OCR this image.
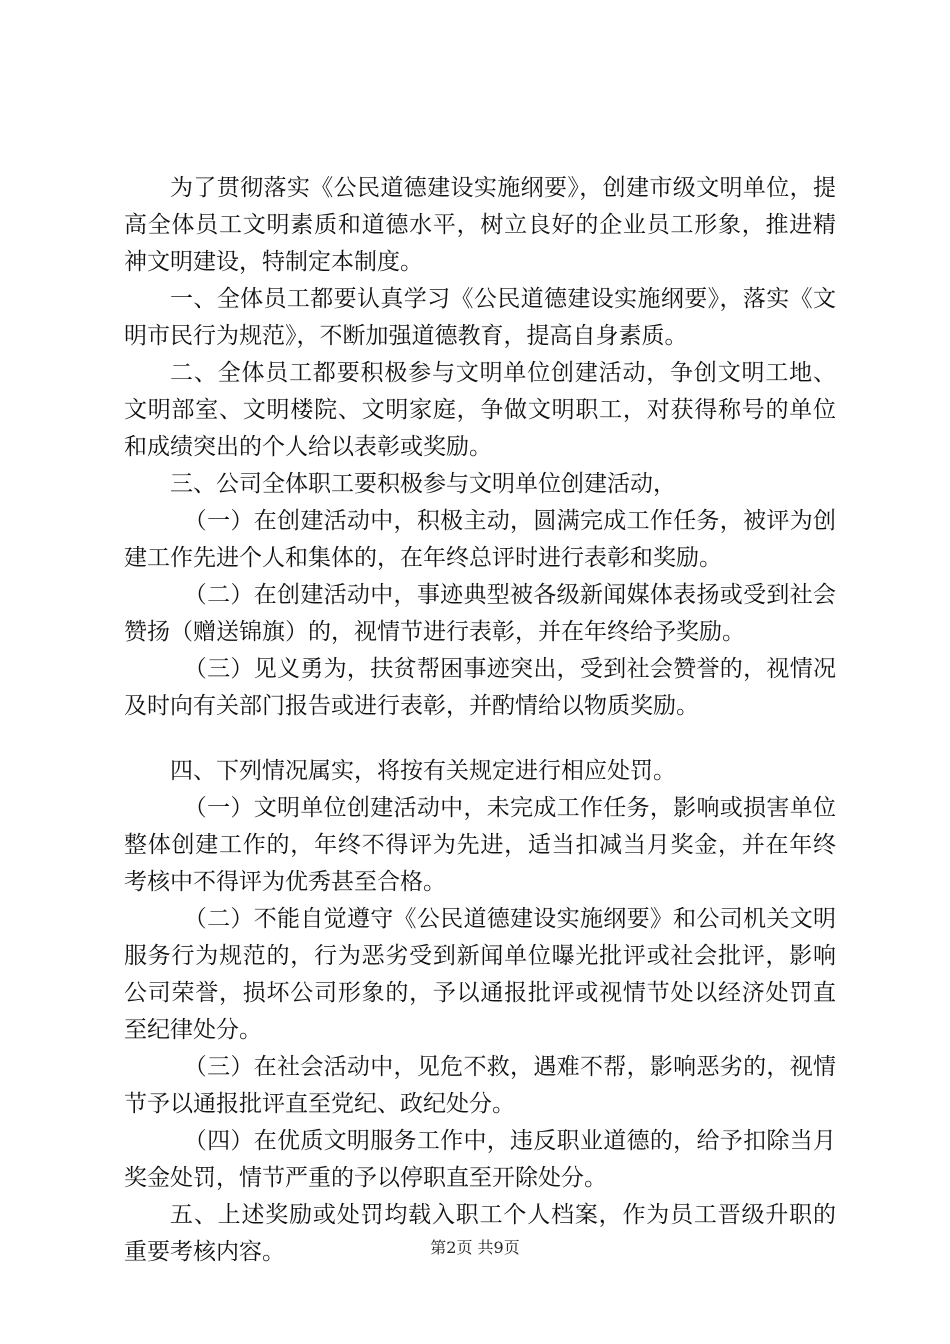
为了贯彻落实《公民道德建设实施纲要》，创建市级文明单位，提高全体员工文明素质和道德水平，树立良好的企业员工形象，推进精神文明建设，特制定本制度。

一、全体员工都要认真学习《公民道德建设实施纲要》，落实《文明市民行为规范》，不断加强道德教育，提高自身素质。

二、全体员工都要积极参与文明单位创建活动，争创文明工地、文明部室、文明楼院、文明家庭，争做文明职工，对获得称号的单位和成绩突出的个人给以表彰或奖励。

三、公司全体职工要积极参与文明单位创建活动，

（一）在创建活动中，积极主动，圆满完成工作任务，被评为创建工作先进个人和集体的，在年终总评时进行表彰和奖励。

（二）在创建活动中，事迹典型被各级新闻媒体表扬或受到社会赞扬（赠送锦旗）的，视情节进行表彰，并在年终给予奖励。

（三）见义勇为，扶贫帮困事迹突出，受到社会赞誉的，视情况及时向有关部门报告或进行表彰，并酌情给以物质奖励。

四、下列情况属实，将按有关规定进行相应处罚。

（一）文明单位创建活动中，未完成工作任务，影响或损害单位整体创建工作的，年终不得评为先进，适当扣减当月奖金，并在年终考核中不得评为优秀甚至合格。

（二）不能自觉遵守《公民道德建设实施纲要》和公司机关文明服务行为规范的，行为恶劣受到新闻单位曝光批评或社会批评，影响公司荣誉，损坏公司形象的，予以通报批评或视情节处以经济处罚直至纪律处分。

（三）在社会活动中，见危不救，遇难不帮，影响恶劣的，视情节予以通报批评直至党纪、政纪处分。

（四）在优质文明服务工作中，违反职业道德的，给予扣除当月奖金处罚，情节严重的予以停职直至开除处分。

五、上述奖励或处罚均载入职工个人档案，作为员工晋级升职的重要考核内容。	第2页 共9页
